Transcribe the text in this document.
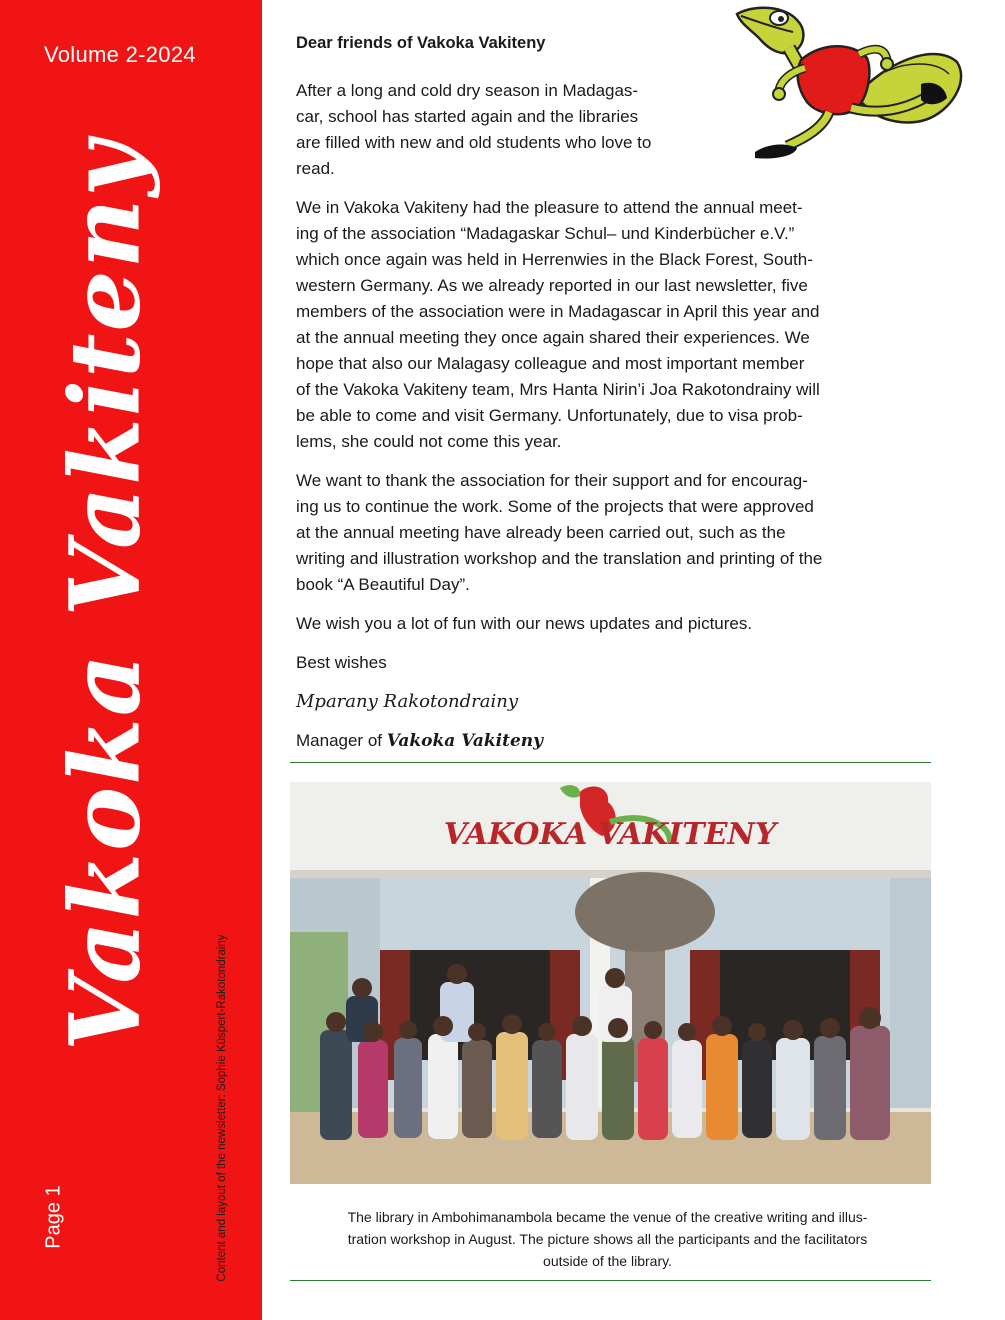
Volume 2-2024
Vakoka Vakiteny
Page 1	Content and layout of the newsletter: Sophie Küspert-Rakotondrainy

Dear friends of Vakoka Vakiteny

After a long and cold dry season in Madagas-
car, school has started again and the libraries
are filled with new and old students who love to
read.

We in Vakoka Vakiteny had the pleasure to attend the annual meet-
ing of the association “Madagaskar Schul– und Kinderbücher e.V.”
which once again was held in Herrenwies in the Black Forest, South-
western Germany. As we already reported in our last newsletter, five
members of the association were in Madagascar in April this year and
at the annual meeting they once again shared their experiences. We
hope that also our Malagasy colleague and most important member
of the Vakoka Vakiteny team, Mrs Hanta Nirin’i Joa Rakotondrainy will
be able to come and visit Germany. Unfortunately, due to visa prob-
lems, she could not come this year.

We want to thank the association for their support and for encourag-
ing us to continue the work. Some of the projects that were approved
at the annual meeting have already been carried out, such as the
writing and illustration workshop and the translation and printing of the
book “A Beautiful Day”.

We wish you a lot of fun with our news updates and pictures.

Best wishes

Mparany Rakotondrainy

Manager of Vakoka Vakiteny

VAKOKA VAKITENY
The library in Ambohimanambola became the venue of the creative writing and illus-
tration workshop in August. The picture shows all the participants and the facilitators
outside of the library.
